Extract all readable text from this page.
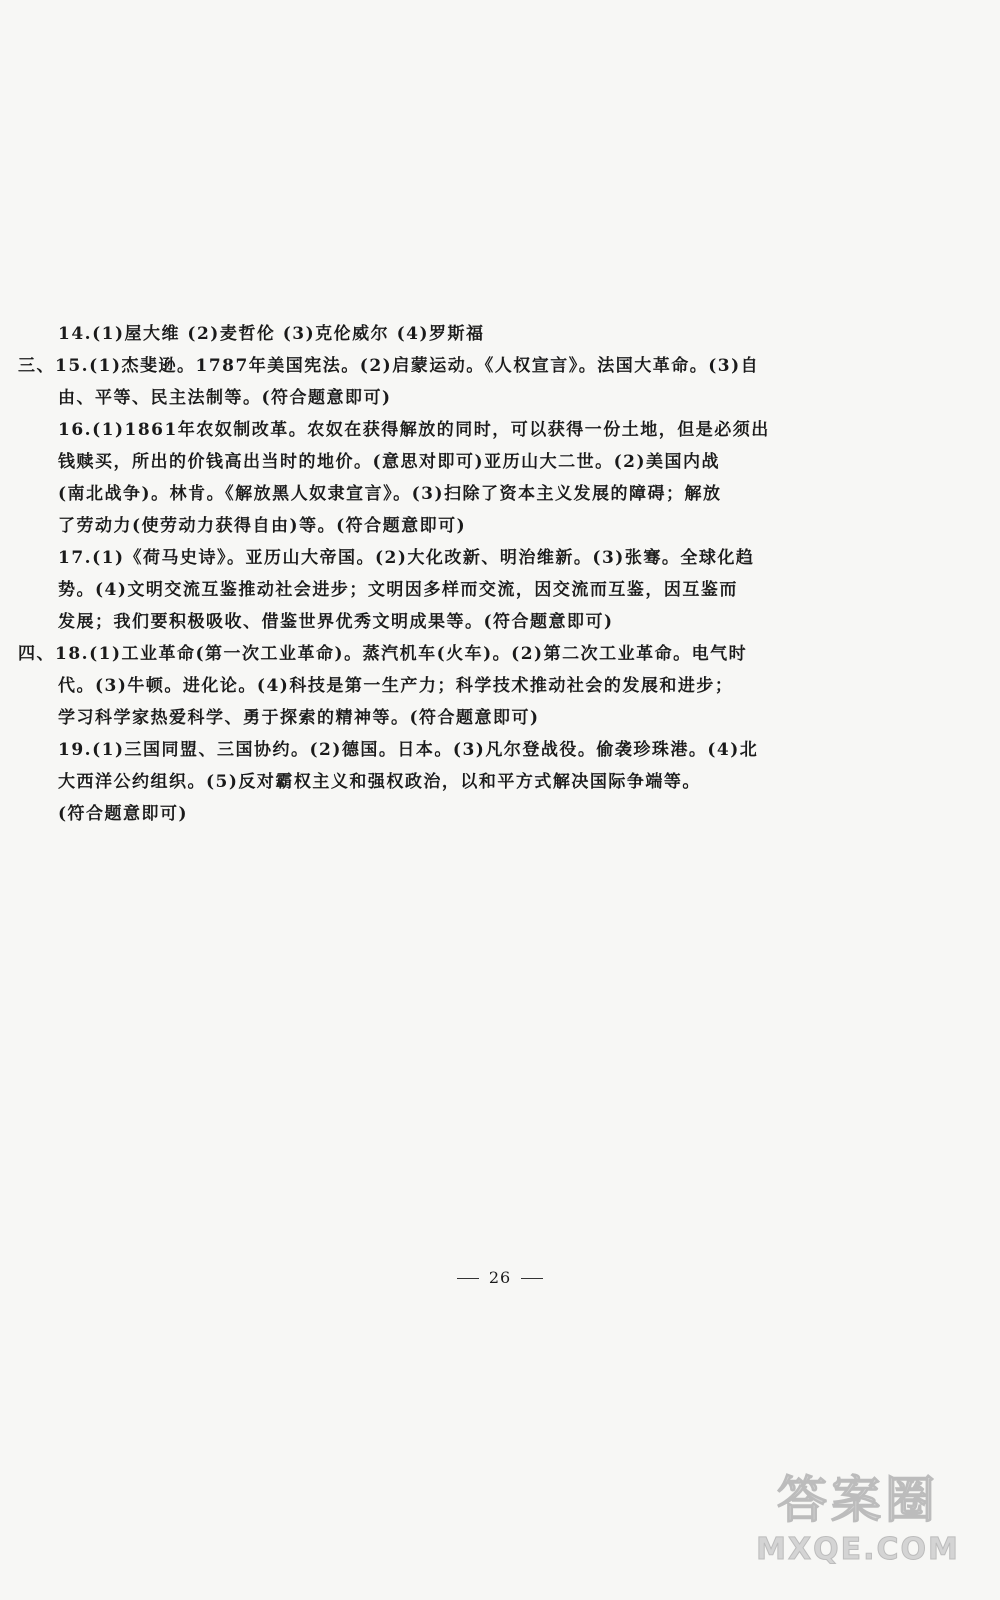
14.(1)屋大维 (2)麦哲伦 (3)克伦威尔 (4)罗斯福
三、15.(1)杰斐逊。1787年美国宪法。(2)启蒙运动。《人权宣言》。法国大革命。(3)自
由、平等、民主法制等。(符合题意即可)
16.(1)1861年农奴制改革。农奴在获得解放的同时，可以获得一份土地，但是必须出
钱赎买，所出的价钱高出当时的地价。(意思对即可)亚历山大二世。(2)美国内战
(南北战争)。林肯。《解放黑人奴隶宣言》。(3)扫除了资本主义发展的障碍；解放
了劳动力(使劳动力获得自由)等。(符合题意即可)
17.(1)《荷马史诗》。亚历山大帝国。(2)大化改新、明治维新。(3)张骞。全球化趋
势。(4)文明交流互鉴推动社会进步；文明因多样而交流，因交流而互鉴，因互鉴而
发展；我们要积极吸收、借鉴世界优秀文明成果等。(符合题意即可)
四、18.(1)工业革命(第一次工业革命)。蒸汽机车(火车)。(2)第二次工业革命。电气时
代。(3)牛顿。进化论。(4)科技是第一生产力；科学技术推动社会的发展和进步；
学习科学家热爱科学、勇于探索的精神等。(符合题意即可)
19.(1)三国同盟、三国协约。(2)德国。日本。(3)凡尔登战役。偷袭珍珠港。(4)北
大西洋公约组织。(5)反对霸权主义和强权政治，以和平方式解决国际争端等。
(符合题意即可)
26
答案圈
MXQE.COM
